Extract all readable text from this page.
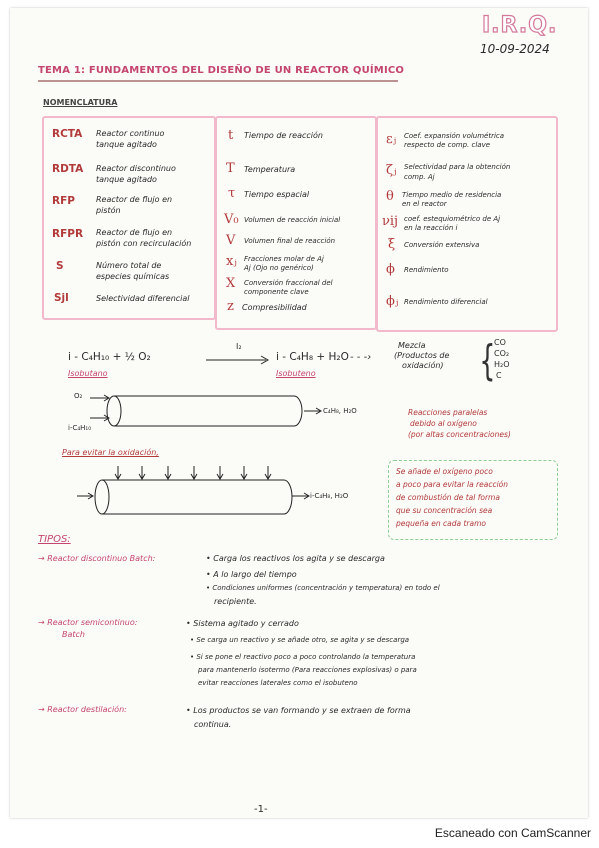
I.R.Q.
10-09-2024
TEMA 1: FUNDAMENTOS DEL DISEÑO DE UN REACTOR QUÍMICO
NOMENCLATURA
RCTA Reactor continuo
tanque agitado
RDTA Reactor discontinuo
tanque agitado
RFP	Reactor de flujo en
pistón
RFPR Reactor de flujo en
pistón con recirculación
S	Número total de
especies químicas
Sjl	Selectividad diferencial
t Tiempo de reacción
T Temperatura
τ Tiempo espacial
V₀ Volumen de reacción inicial
V Volumen final de reacción
xⱼ Fracciones molar de Aj
Aj (Ojo no genérico)
X Conversión fraccional del
componente clave
z Compresibilidad
εⱼ Coef. expansión volumétrica
respecto de comp. clave
ζⱼ Selectividad para la obtención
comp. Aj
θ Tiempo medio de residencia
en el reactor
νij coef. estequiométrico de Aj
en la reacción i
ξ Conversión extensiva
ϕ Rendimiento
ϕⱼ Rendimiento diferencial
i - C₄H₁₀ + ½ O₂
I₂
i - C₄H₈ + H₂O
Isobutano	Isobuteno
- - -›
Mezcla
(Productos de
oxidación) {
CO
CO₂
H₂O
C
O₂
i-C₄H₁₀
C₄H₈, H₂O	Reacciones paralelas
debido al oxígeno
(por altas concentraciones)
Para evitar la oxidación,
i-C₄H₈, H₂O
Se añade el oxígeno poco
a poco para evitar la reacción
de combustión de tal forma
que su concentración sea
pequeña en cada tramo
TIPOS:
→ Reactor discontinuo Batch:	• Carga los reactivos los agita y se descarga
• A lo largo del tiempo
• Condiciones uniformes (concentración y temperatura) en todo el
recipiente.
→ Reactor semicontinuo:
Batch
• Sistema agitado y cerrado
• Se carga un reactivo y se añade otro, se agita y se descarga
• Si se pone el reactivo poco a poco controlando la temperatura
para mantenerlo isotermo (Para reacciones explosivas) o para
evitar reacciones laterales como el isobuteno
→ Reactor destilación:	• Los productos se van formando y se extraen de forma
continua.
-1-
Escaneado con CamScanner
